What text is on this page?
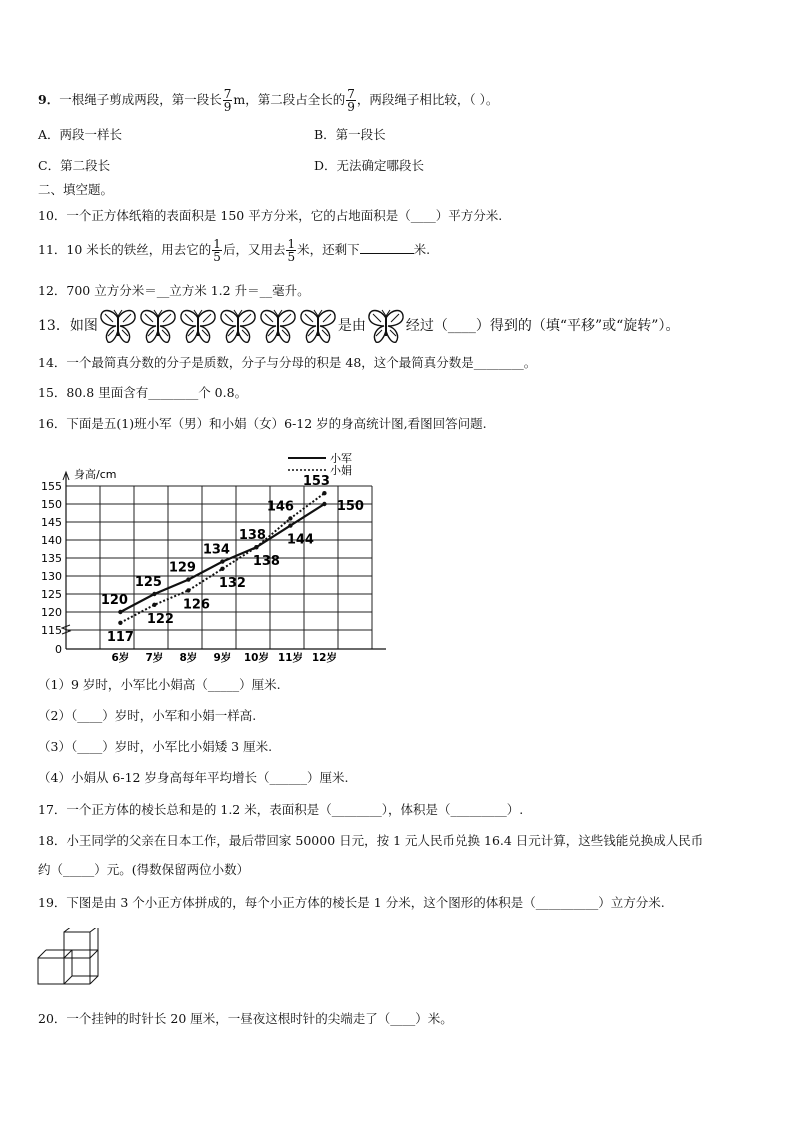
9．一根绳子剪成两段，第一段长 $\frac{7}{9}$ m，第二段占全长的 $\frac{7}{9}$ ，两段绳子相比较，（ ）。
A．两段一样长	B．第一段长
C．第二段长	D．无法确定哪段长
二、填空题。
10．一个正方体纸箱的表面积是 150 平方分米，它的占地面积是（____）平方分米.
11．10 米长的铁丝，用去它的 $\frac{1}{5}$ 后，又用去 $\frac{1}{5}$ 米，还剩下	米.
12．700 立方分米＝__立方米 1.2 升＝__毫升。
13．如图	是由	经过（____）得到的（填“平移”或“旋转”）。
14．一个最简真分数的分子是质数，分子与分母的积是 48，这个最简真分数是________。
15．80.8 里面含有________个 0.8。
16．下面是五(1)班小军（男）和小娟（女）6-12 岁的身高统计图,看图回答问题.
身高/cm
155
150
145
140
135
130
125
120
115
0
6岁 7岁 8岁 9岁 10岁 11岁 12岁
120
125
129
134
138 144
150
117
122
126
132
138
146
153
小军
小娟
（1）9 岁时，小军比小娟高（_____）厘米.
（2）（____）岁时，小军和小娟一样高.
（3）（____）岁时，小军比小娟矮 3 厘米.
（4）小娟从 6-12 岁身高每年平均增长（______）厘米.
17．一个正方体的棱长总和是的 1.2 米，表面积是（________），体积是（_________）.
18．小王同学的父亲在日本工作，最后带回家 50000 日元，按 1 元人民币兑换 16.4 日元计算，这些钱能兑换成人民币
约（_____）元。(得数保留两位小数）
19．下图是由 3 个小正方体拼成的，每个小正方体的棱长是 1 分米，这个图形的体积是（__________）立方分米.
20．一个挂钟的时针长 20 厘米，一昼夜这根时针的尖端走了（____）米。
